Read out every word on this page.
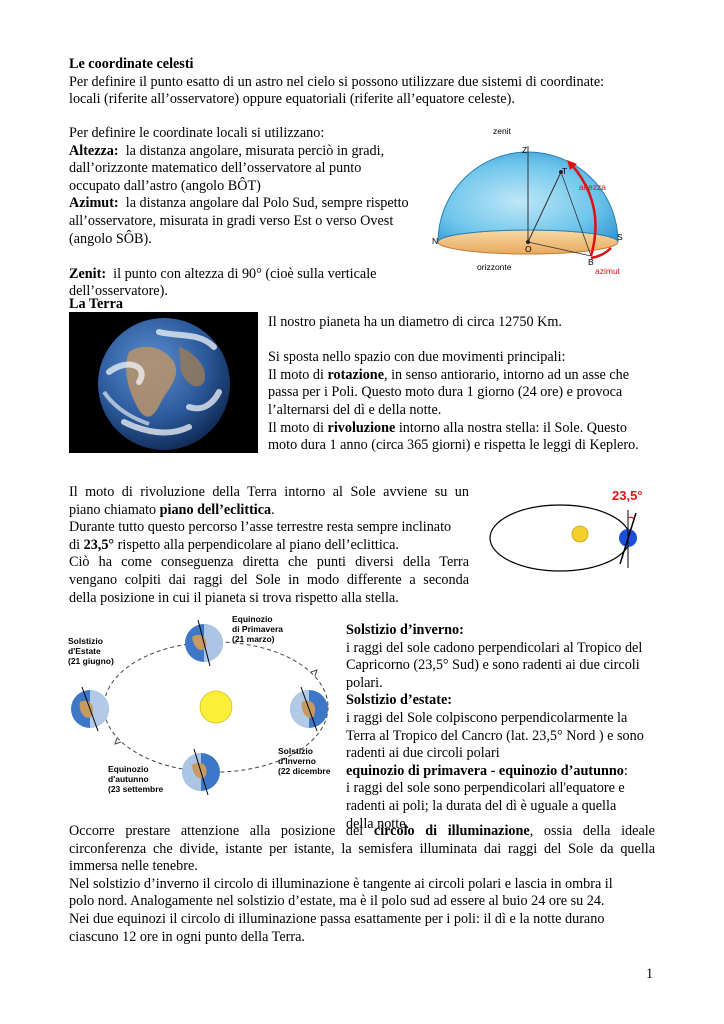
Le coordinate celesti

Per definire il punto esatto di un astro nel cielo si possono utilizzare due sistemi di coordinate:

locali (riferite all’osservatore) oppure equatoriali (riferite all’equatore celeste).

Per definire le coordinate locali si utilizzano:

Altezza: la distanza angolare, misurata perciò in gradi,

dall’orizzonte matematico dell’osservatore al punto

occupato dall’astro (angolo BÔT)

Azimut: la distanza angolare dal Polo Sud, sempre rispetto

all’osservatore, misurata in gradi verso Est o verso Ovest

(angolo SÔB).

Zenit: il punto con altezza di 90° (cioè sulla verticale

dell’osservatore).

zenit
Z
T
altezza
N
O
S
B
orizzonte	azimut

La Terra

Il nostro pianeta ha un diametro di circa 12750 Km.

Si sposta nello spazio con due movimenti principali:

Il moto di rotazione, in senso antiorario, intorno ad un asse che

passa per i Poli. Questo moto dura 1 giorno (24 ore) e provoca

l’alternarsi del dì e della notte.

Il moto di rivoluzione intorno alla nostra stella: il Sole. Questo

moto dura 1 anno (circa 365 giorni) e rispetta le leggi di Keplero.

Il moto di rivoluzione della Terra intorno al Sole avviene su un

piano chiamato piano dell’eclittica.

Durante tutto questo percorso l’asse terrestre resta sempre inclinato

di 23,5° rispetto alla perpendicolare al piano dell’eclittica.

Ciò ha come conseguenza diretta che punti diversi della Terra

vengano colpiti dai raggi del Sole in modo differente a seconda

della posizione in cui il pianeta si trova rispetto alla stella.

23,5°
Equinozio
di Primavera
(21 marzo)
Solstizio
d'Estate
(21 giugno)
Solstizio
d'Inverno
(22 dicembre
Equinozio
d'autunno
(23 settembre

Solstizio d’inverno:

i raggi del sole cadono perpendicolari al Tropico del

Capricorno (23,5° Sud) e sono radenti ai due circoli

polari.

Solstizio d’estate:

i raggi del Sole colpiscono perpendicolarmente la

Terra al Tropico del Cancro (lat. 23,5° Nord ) e sono

radenti ai due circoli polari

equinozio di primavera - equinozio d’autunno:

i raggi del sole sono perpendicolari all'equatore e

radenti ai poli; la durata del dì è uguale a quella

della notte.

Occorre prestare attenzione alla posizione del circolo di illuminazione, ossia della ideale

circonferenza che divide, istante per istante, la semisfera illuminata dai raggi del Sole da quella

immersa nelle tenebre.

Nel solstizio d’inverno il circolo di illuminazione è tangente ai circoli polari e lascia in ombra il

polo nord. Analogamente nel solstizio d’estate, ma è il polo sud ad essere al buio 24 ore su 24.

Nei due equinozi il circolo di illuminazione passa esattamente per i poli: il dì e la notte durano

ciascuno 12 ore in ogni punto della Terra.

1
